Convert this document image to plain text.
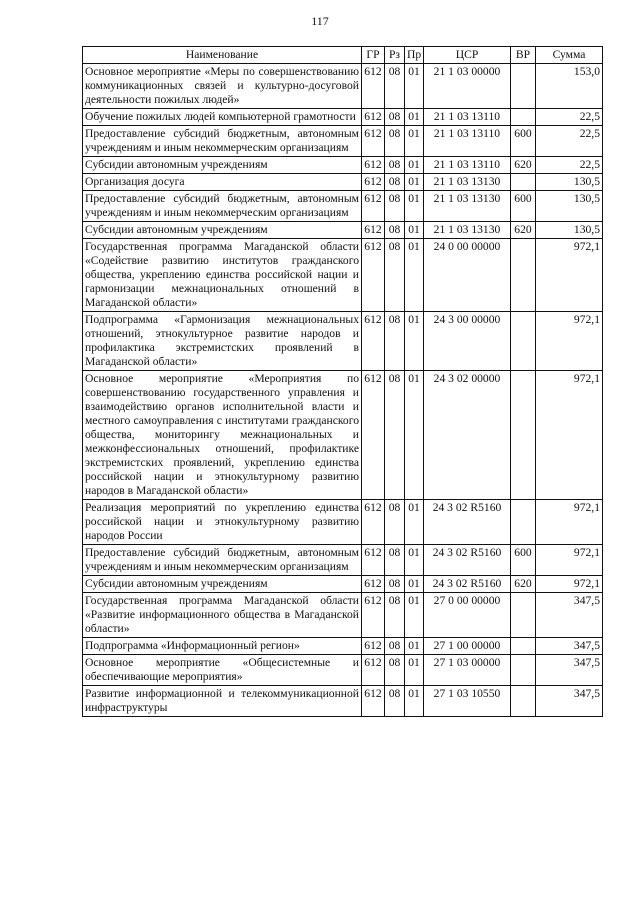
117
Наименование	ГР	Рз	Пр	ЦСР	ВР	Сумма
Основное мероприятие «Меры по совершенствованию коммуникационных связей и культурно-досуговой деятельности пожилых людей»	612	08	01	21 1 03 00000		153,0
Обучение пожилых людей компьютерной грамотности	612	08	01	21 1 03 13110		22,5
Предоставление субсидий бюджетным, автономным учреждениям и иным некоммерческим организациям	612	08	01	21 1 03 13110	600	22,5
Субсидии автономным учреждениям	612	08	01	21 1 03 13110	620	22,5
Организация досуга	612	08	01	21 1 03 13130		130,5
Предоставление субсидий бюджетным, автономным учреждениям и иным некоммерческим организациям	612	08	01	21 1 03 13130	600	130,5
Субсидии автономным учреждениям	612	08	01	21 1 03 13130	620	130,5
Государственная программа Магаданской области «Содействие развитию институтов гражданского общества, укреплению единства российской нации и гармонизации межнациональных отношений в Магаданской области»	612	08	01	24 0 00 00000		972,1
Подпрограмма «Гармонизация межнациональных отношений, этнокультурное развитие народов и профилактика экстремистских проявлений в Магаданской области»	612	08	01	24 3 00 00000		972,1
Основное мероприятие «Мероприятия по совершенствованию государственного управления и взаимодействию органов исполнительной власти и местного самоуправления с институтами гражданского общества, мониторингу межнациональных и межконфессиональных отношений, профилактике экстремистских проявлений, укреплению единства российской нации и этнокультурному развитию народов в Магаданской области»	612	08	01	24 3 02 00000		972,1
Реализация мероприятий по укреплению единства российской нации и этнокультурному развитию народов России	612	08	01	24 3 02 R5160		972,1
Предоставление субсидий бюджетным, автономным учреждениям и иным некоммерческим организациям	612	08	01	24 3 02 R5160	600	972,1
Субсидии автономным учреждениям	612	08	01	24 3 02 R5160	620	972,1
Государственная программа Магаданской области «Развитие информационного общества в Магаданской области»	612	08	01	27 0 00 00000		347,5
Подпрограмма «Информационный регион»	612	08	01	27 1 00 00000		347,5
Основное мероприятие «Общесистемные и обеспечивающие мероприятия»	612	08	01	27 1 03 00000		347,5
Развитие информационной и телекоммуникационной инфраструктуры	612	08	01	27 1 03 10550		347,5
